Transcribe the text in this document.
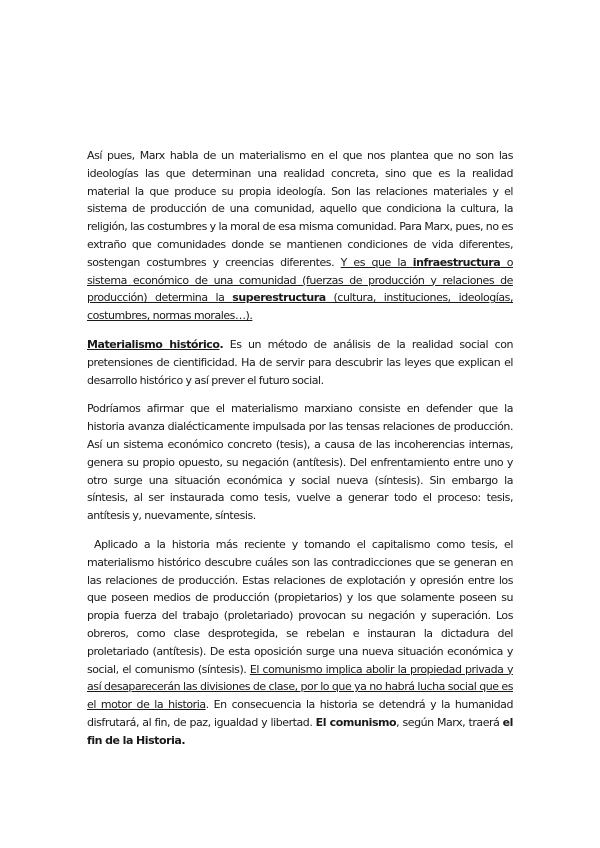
Así pues, Marx habla de un materialismo en el que nos plantea que no son las ideologías las que determinan una realidad concreta, sino que es la realidad material la que produce su propia ideología. Son las relaciones materiales y el sistema de producción de una comunidad, aquello que condiciona la cultura, la religión, las costumbres y la moral de esa misma comunidad. Para Marx, pues, no es extraño que comunidades donde se mantienen condiciones de vida diferentes, sostengan costumbres y creencias diferentes. Y es que la infraestructura o sistema económico de una comunidad (fuerzas de producción y relaciones de producción) determina la superestructura (cultura, instituciones, ideologías, costumbres, normas morales…).

Materialismo histórico. Es un método de análisis de la realidad social con pretensiones de cientificidad. Ha de servir para descubrir las leyes que explican el desarrollo histórico y así prever el futuro social.

Podríamos afirmar que el materialismo marxiano consiste en defender que la historia avanza dialécticamente impulsada por las tensas relaciones de producción. Así un sistema económico concreto (tesis), a causa de las incoherencias internas, genera su propio opuesto, su negación (antítesis). Del enfrentamiento entre uno y otro surge una situación económica y social nueva (síntesis). Sin embargo la síntesis, al ser instaurada como tesis, vuelve a generar todo el proceso: tesis, antítesis y, nuevamente, síntesis.

Aplicado a la historia más reciente y tomando el capitalismo como tesis, el materialismo histórico descubre cuáles son las contradicciones que se generan en las relaciones de producción. Estas relaciones de explotación y opresión entre los que poseen medios de producción (propietarios) y los que solamente poseen su propia fuerza del trabajo (proletariado) provocan su negación y superación. Los obreros, como clase desprotegida, se rebelan e instauran la dictadura del proletariado (antítesis). De esta oposición surge una nueva situación económica y social, el comunismo (síntesis). El comunismo implica abolir la propiedad privada y así desaparecerán las divisiones de clase, por lo que ya no habrá lucha social que es el motor de la historia. En consecuencia la historia se detendrá y la humanidad disfrutará, al fin, de paz, igualdad y libertad. El comunismo, según Marx, traerá el fin de la Historia.
